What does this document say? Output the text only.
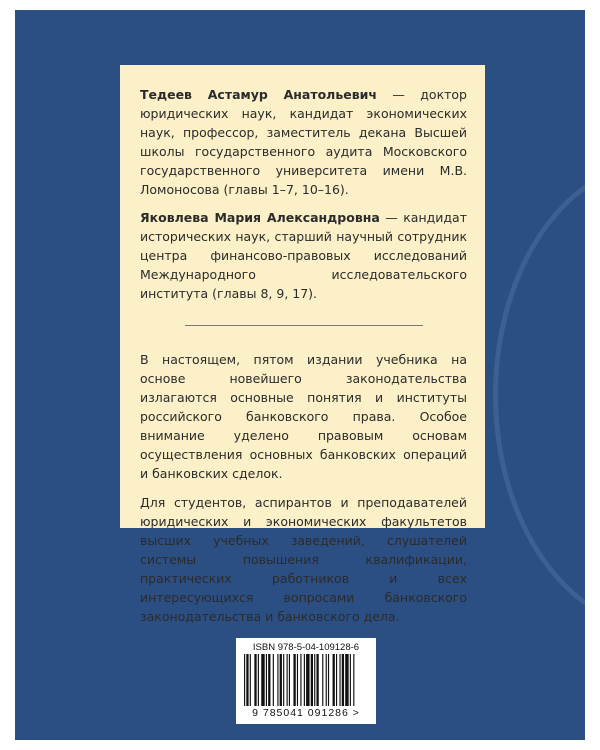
Тедеев Астамур Анатольевич — доктор юридических наук, кандидат экономических наук, профессор, заместитель декана Высшей школы государственного аудита Московского государственного университета имени М.В. Ломоносова (главы 1–7, 10–16).

Яковлева Мария Александровна — кандидат исторических наук, старший научный сотрудник центра финансово-правовых исследований Международного исследовательского института (главы 8, 9, 17).

В настоящем, пятом издании учебника на основе новейшего законодательства излагаются основные понятия и институты российского банковского права. Особое внимание уделено правовым основам осуществления основных банковских операций и банковских сделок.

Для студентов, аспирантов и преподавателей юридических и экономических факультетов высших учебных заведений, слушателей системы повышения квалификации, практических работников и всех интересующихся вопросами банковского законодательства и банковского дела.

ISBN 978-5-04-109128-6
9 785041 091286 >
